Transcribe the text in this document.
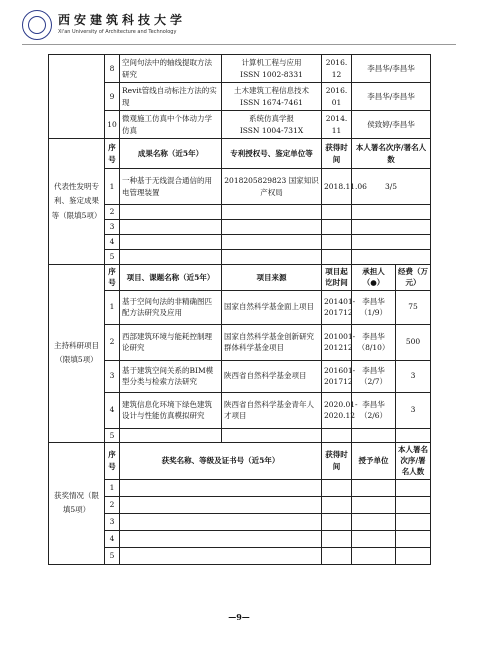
西安建筑科技大学
Xi'an University of Architecture and Technology
	8	空间句法中的轴线提取方法研究	计算机工程与应用
ISSN 1002-8331	2016. 12	李昌华/李昌华	
	9	Revit管线自动标注方法的实现	土木建筑工程信息技术
ISSN 1674-7461	2016. 01	李昌华/李昌华	
	10	微观施工仿真中个体动力学仿真	系统仿真学报
ISSN 1004-731X	2014. 11	侯致婷/李昌华	
代表性发明专利、鉴定成果等（限填5项）	序号	成果名称（近5年）	专利授权号、鉴定单位等	获得时间	本人署名次序/署名人数	
	1	一种基于无线混合通信的用电管理装置	2018205829823 国家知识产权局	2018.11.06	3/5	
	2					
	3					
	4					
	5					
主持科研项目（限填5项）	序号	项目、课题名称（近5年）	项目来源	项目起讫时间	承担人（●）	经费（万元）
	1	基于空间句法的非精确图匹配方法研究及应用	国家自然科学基金面上项目	201401-201712	李昌华（1/9）	75
	2	西部建筑环境与能耗控制理论研究	国家自然科学基金创新研究群体科学基金项目	201001-201212	李昌华（8/10）	500
	3	基于建筑空间关系的BIM模型分类与检索方法研究	陕西省自然科学基金项目	201601-201712	李昌华（2/7）	3
	4	建筑信息化环境下绿色建筑设计与性能仿真模拟研究	陕西省自然科学基金青年人才项目	2020.01-2020.12	李昌华（2/6）	3
	5					
获奖情况（限填5项）	序号	获奖名称、等级及证书号（近5年）		获得时间	授予单位	本人署名次序/署名人数
	1					
	2					
	3					
	4					
	5					
—9—
